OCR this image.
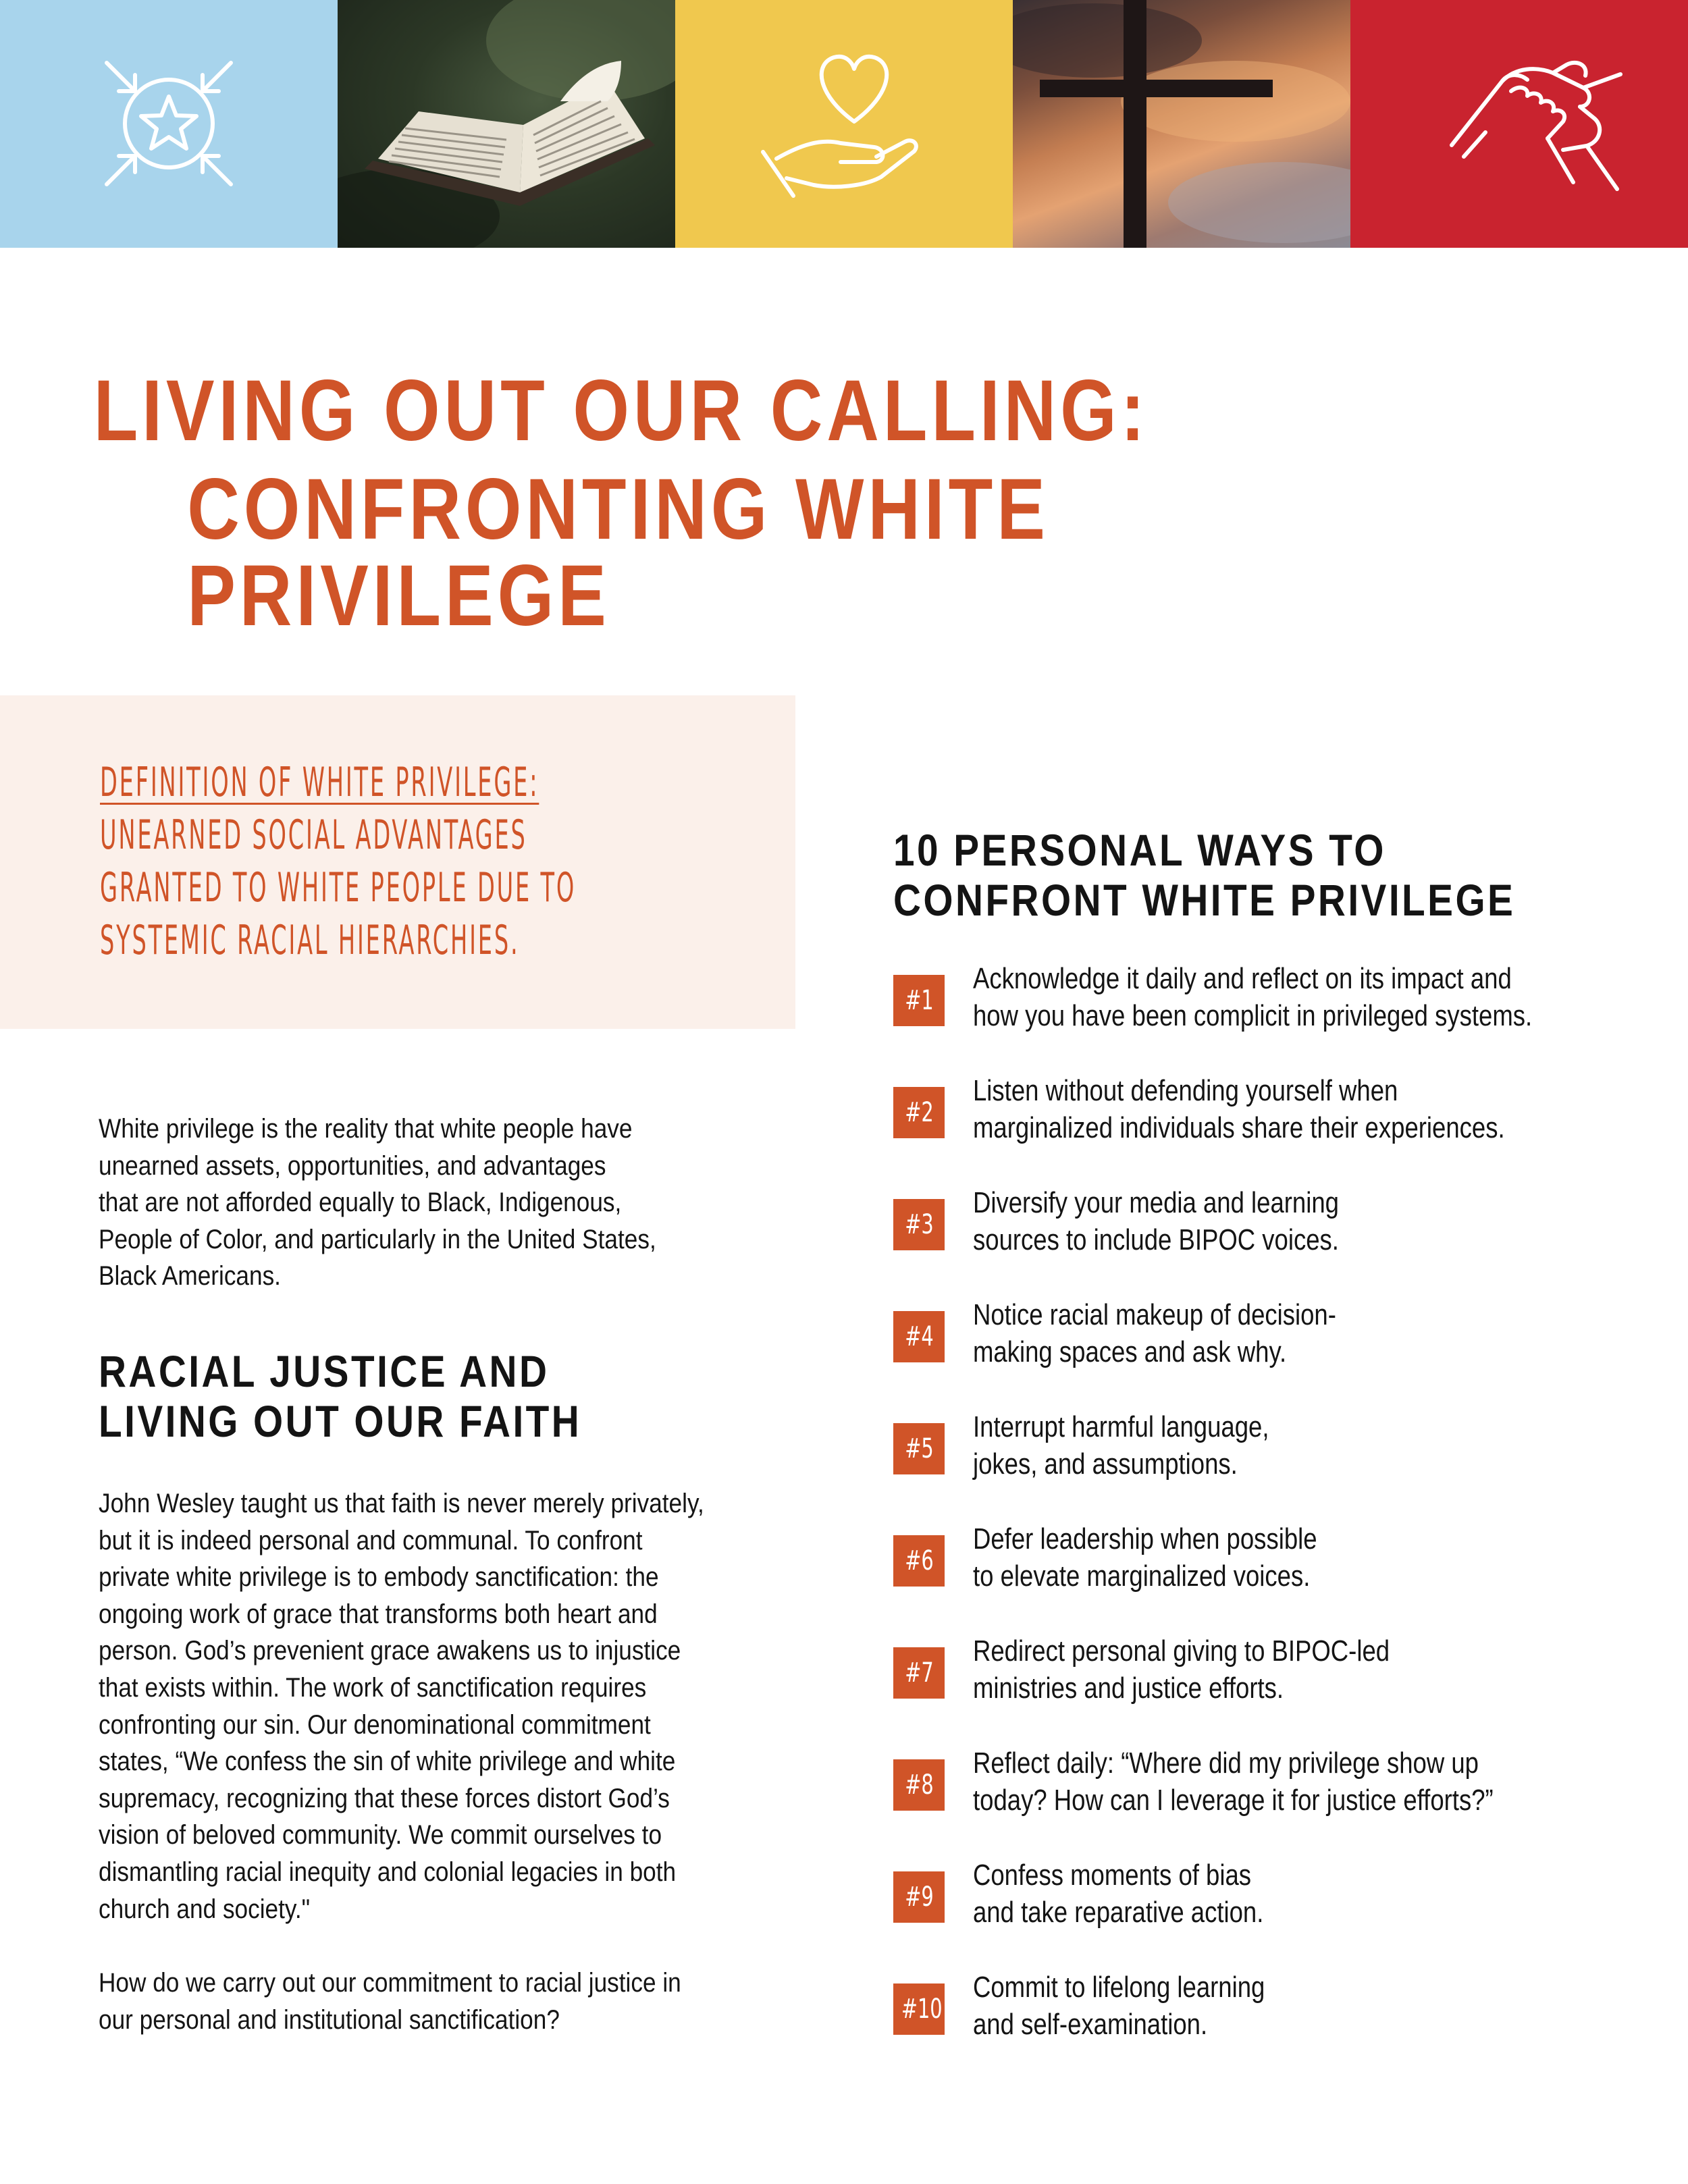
LIVING OUT OUR CALLING:
CONFRONTING WHITE PRIVILEGE

DEFINITION OF WHITE PRIVILEGE:

UNEARNED SOCIAL ADVANTAGES

GRANTED TO WHITE PEOPLE DUE TO

SYSTEMIC RACIAL HIERARCHIES.

White privilege is the reality that white people have
unearned assets, opportunities, and advantages
that are not afforded equally to Black, Indigenous,
People of Color, and particularly in the United States,
Black Americans.

RACIAL JUSTICE AND
LIVING OUT OUR FAITH

John Wesley taught us that faith is never merely privately,
but it is indeed personal and communal. To confront
private white privilege is to embody sanctification: the
ongoing work of grace that transforms both heart and
person. God’s prevenient grace awakens us to injustice
that exists within. The work of sanctification requires
confronting our sin. Our denominational commitment
states, “We confess the sin of white privilege and white
supremacy, recognizing that these forces distort God’s
vision of beloved community. We commit ourselves to
dismantling racial inequity and colonial legacies in both
church and society."

How do we carry out our commitment to racial justice in
our personal and institutional sanctification?

10 PERSONAL WAYS TO
CONFRONT WHITE PRIVILEGE
#1

Acknowledge it daily and reflect on its impact and
how you have been complicit in privileged systems.

#2

Listen without defending yourself when
marginalized individuals share their experiences.

#3

Diversify your media and learning
sources to include BIPOC voices.

#4

Notice racial makeup of decision-
making spaces and ask why.

#5

Interrupt harmful language,
jokes, and assumptions.

#6

Defer leadership when possible
to elevate marginalized voices.

#7

Redirect personal giving to BIPOC-led
ministries and justice efforts.

#8

Reflect daily: “Where did my privilege show up
today? How can I leverage it for justice efforts?”

#9

Confess moments of bias
and take reparative action.

#10

Commit to lifelong learning
and self-examination.
